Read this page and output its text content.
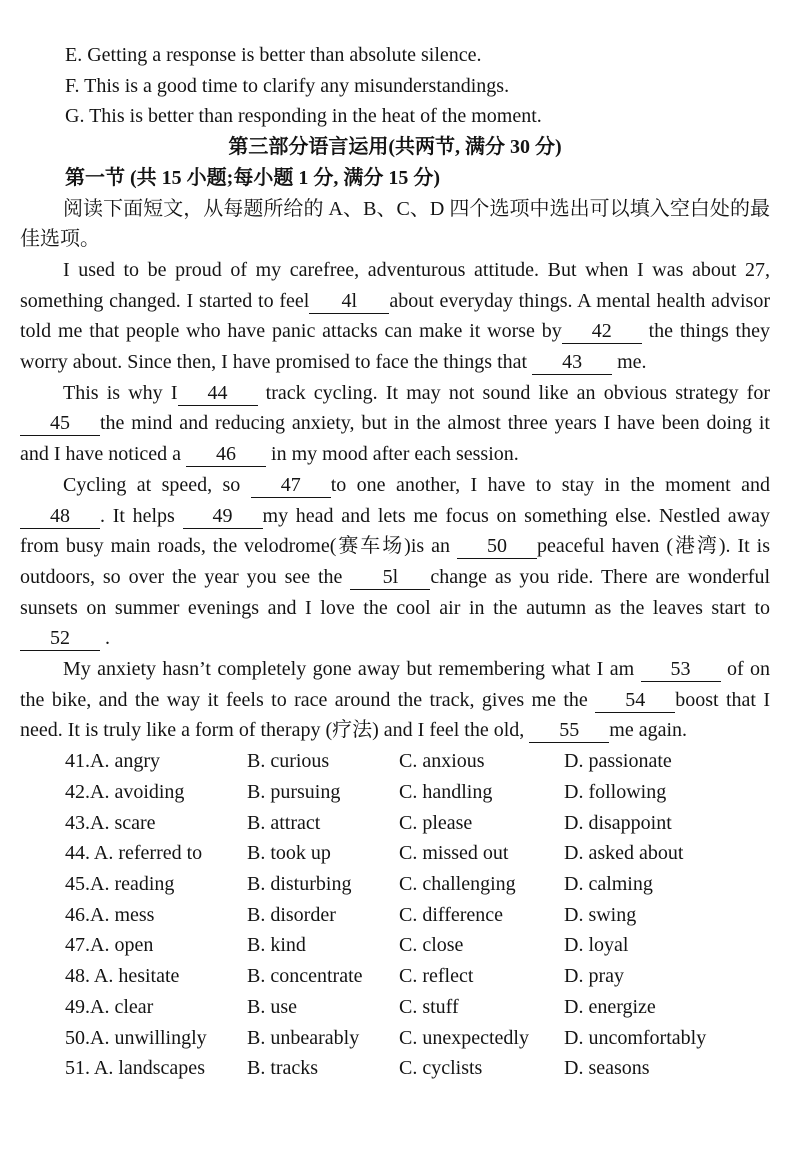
E. Getting a response is better than absolute silence.
F. This is a good time to clarify any misunderstandings.
G. This is better than responding in the heat of the moment.
第三部分语言运用(共两节, 满分 30 分)
第一节 (共 15 小题;每小题 1 分, 满分 15 分)

阅读下面短文，从每题所给的 A、B、C、D 四个选项中选出可以填入空白处的最佳选项。

I used to be proud of my carefree, adventurous attitude. But when I was about 27, something changed. I started to feel 4l about everyday things. A mental health advisor told me that people who have panic attacks can make it worse by 42 the things they worry about. Since then, I have promised to face the things that 43 me.

This is why I 44 track cycling. It may not sound like an obvious strategy for 45 the mind and reducing anxiety, but in the almost three years I have been doing it and I have noticed a 46 in my mood after each session.

Cycling at speed, so 47 to one another, I have to stay in the moment and 48 . It helps 49 my head and lets me focus on something else. Nestled away from busy main roads, the velodrome(赛车场)is an 50 peaceful haven (港湾). It is outdoors, so over the year you see the 5l change as you ride. There are wonderful sunsets on summer evenings and I love the cool air in the autumn as the leaves start to 52 .

My anxiety hasn’t completely gone away but remembering what I am 53 of on the bike, and the way it feels to race around the track, gives me the 54 boost that I need. It is truly like a form of therapy (疗法) and I feel the old, 55 me again.

41.A. angry	B. curious	C. anxious	D. passionate
42.A. avoiding	B. pursuing	C. handling	D. following
43.A. scare	B. attract	C. please	D. disappoint
44. A. referred to	B. took up	C. missed out	D. asked about
45.A. reading	B. disturbing	C. challenging	D. calming
46.A. mess	B. disorder	C. difference	D. swing
47.A. open	B. kind	C. close	D. loyal
48. A. hesitate	B. concentrate	C. reflect	D. pray
49.A. clear	B. use	C. stuff	D. energize
50.A. unwillingly	B. unbearably	C. unexpectedly	D. uncomfortably
51. A. landscapes	B. tracks	C. cyclists	D. seasons
